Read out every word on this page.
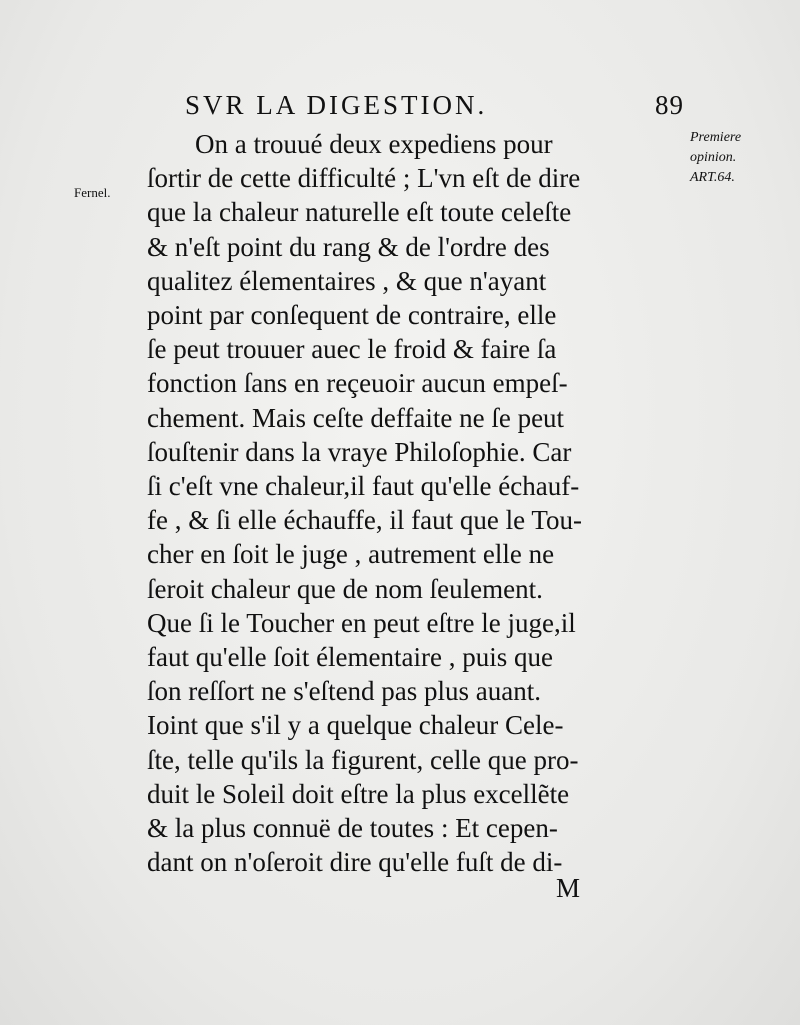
SVR LA DIGESTION.	89
Fernel.
Premiere
opinion.
ART.64.
On a trouué deux expediens pour
ſortir de cette difficulté ; L'vn eſt de dire
que la chaleur naturelle eſt toute celeſte
& n'eſt point du rang & de l'ordre des
qualitez élementaires , & que n'ayant
point par conſequent de contraire, elle
ſe peut trouuer auec le froid & faire ſa
fonction ſans en reçeuoir aucun empeſ-
chement. Mais ceſte deffaite ne ſe peut
ſouſtenir dans la vraye Philoſophie. Car
ſi c'eſt vne chaleur,il faut qu'elle échauf-
fe , & ſi elle échauffe, il faut que le Tou-
cher en ſoit le juge , autrement elle ne
ſeroit chaleur que de nom ſeulement.
Que ſi le Toucher en peut eſtre le juge,il
faut qu'elle ſoit élementaire , puis que
ſon reſſort ne s'eſtend pas plus auant.
Ioint que s'il y a quelque chaleur Cele-
ſte, telle qu'ils la figurent, celle que pro-
duit le Soleil doit eſtre la plus excellẽte
& la plus connuë de toutes : Et cepen-
dant on n'oſeroit dire qu'elle fuſt de di-
M
